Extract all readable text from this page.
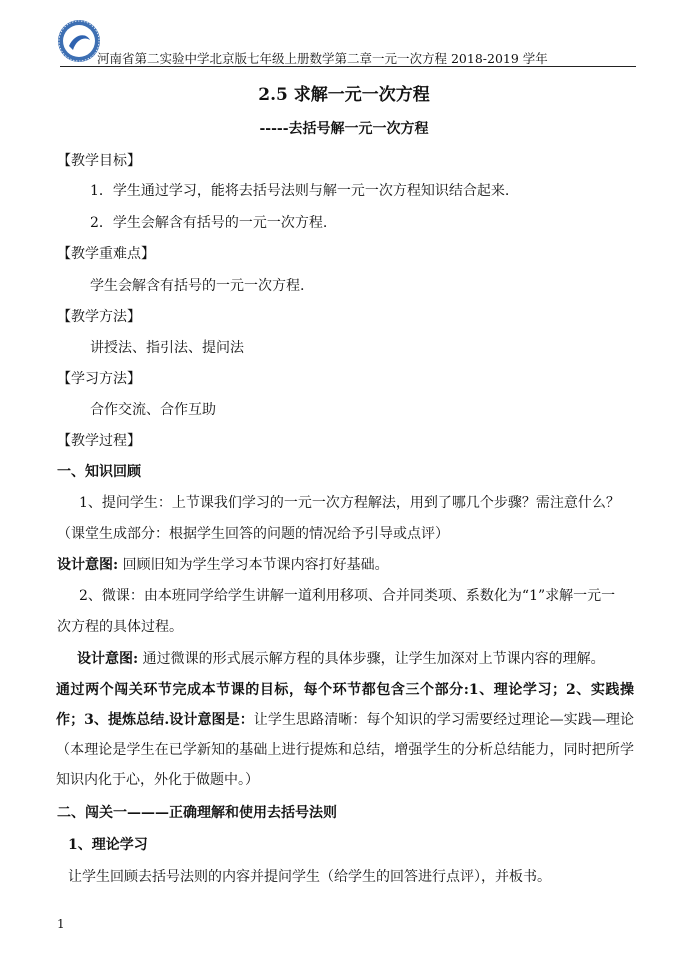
河南省第二实验中学北京版七年级上册数学第二章一元一次方程 2018-2019 学年
2.5 求解一元一次方程
-----去括号解一元一次方程
【教学目标】
1．学生通过学习，能将去括号法则与解一元一次方程知识结合起来.
2．学生会解含有括号的一元一次方程.
【教学重难点】
学生会解含有括号的一元一次方程.
【教学方法】
讲授法、指引法、提问法
【学习方法】
合作交流、合作互助
【教学过程】
一、知识回顾
1、提问学生：上节课我们学习的一元一次方程解法，用到了哪几个步骤？需注意什么？
（课堂生成部分：根据学生回答的问题的情况给予引导或点评）
设计意图: 回顾旧知为学生学习本节课内容打好基础。
2、微课：由本班同学给学生讲解一道利用移项、合并同类项、系数化为“1”求解一元一
次方程的具体过程。
设计意图: 通过微课的形式展示解方程的具体步骤，让学生加深对上节课内容的理解。
通过两个闯关环节完成本节课的目标，每个环节都包含三个部分:1、理论学习；2、实践操作；3、提炼总结.设计意图是：让学生思路清晰：每个知识的学习需要经过理论—实践—理论（本理论是学生在已学新知的基础上进行提炼和总结，增强学生的分析总结能力，同时把所学知识内化于心，外化于做题中。）
二、闯关一———正确理解和使用去括号法则
1、理论学习
让学生回顾去括号法则的内容并提问学生（给学生的回答进行点评），并板书。
1
